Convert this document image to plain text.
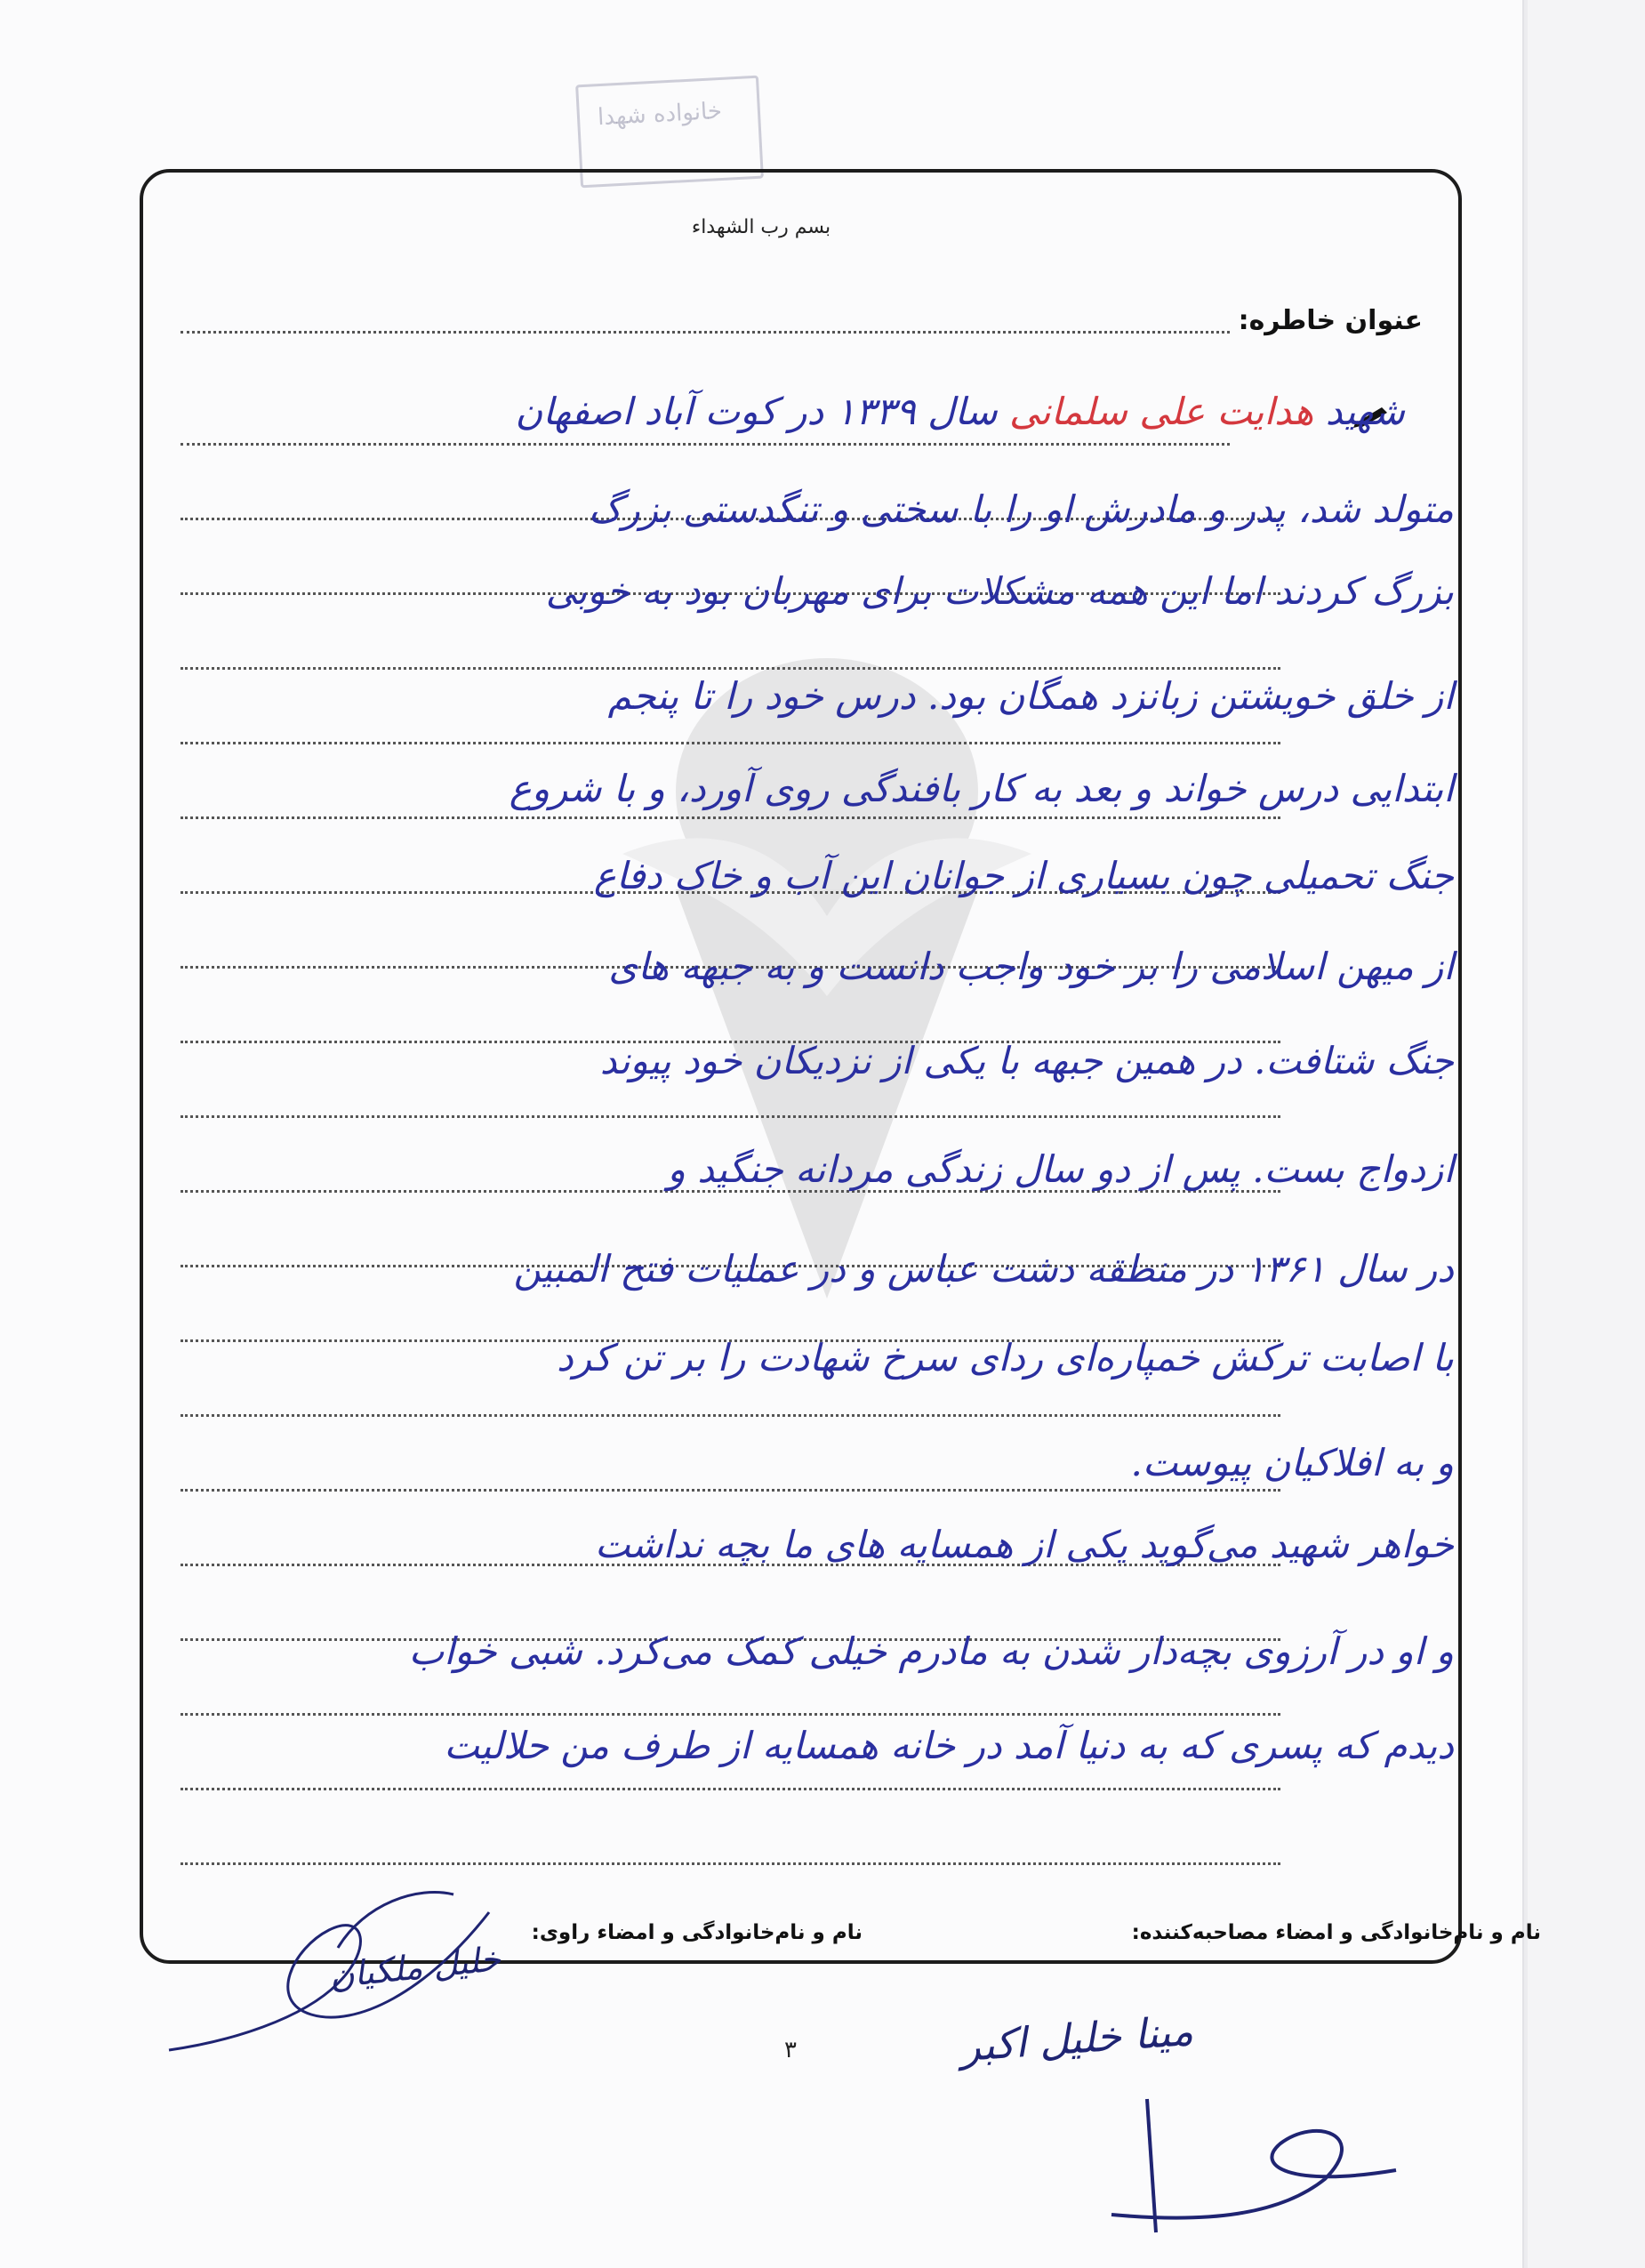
خانواده شهدا
بسم رب الشهداء
عنوان خاطره:
شهید هدایت علی سلمانی سال ۱۳۳۹ در کوت آباد اصفهان
متولد شد، پدر و مادرش او را با سختی و تنگدستی بزرگ
بزرگ کردند اما این همه مشکلات برای مهربان بود به خوبی
از خلق خویشتن زبانزد همگان بود. درس خود را تا پنجم
ابتدایی درس خواند و بعد به کار بافندگی روی آورد، و با شروع
جنگ تحمیلی چون بسیاری از جوانان این آب و خاک دفاع
از میهن اسلامی را بر خود واجب دانست و به جبهه های
جنگ شتافت. در همین جبهه با یکی از نزدیکان خود پیوند
ازدواج بست. پس از دو سال زندگی مردانه جنگید و
در سال ۱۳۶۱ در منطقه دشت عباس و در عملیات فتح المبین
با اصابت ترکش خمپاره‌ای ردای سرخ شهادت را بر تن کرد
و به افلاکیان پیوست.
خواهر شهید می‌گوید یکی از همسایه های ما بچه نداشت
و او در آرزوی بچه‌دار شدن به مادرم خیلی کمک می‌کرد. شبی خواب
دیدم که پسری که به دنیا آمد در خانه همسایه از طرف من حلالیت
نام و نام‌خانوادگی و امضاء مصاحبه‌کننده:
نام و نام‌خانوادگی و امضاء راوی:
خلیل ملکیان
۳	مینا خلیل اکبر
